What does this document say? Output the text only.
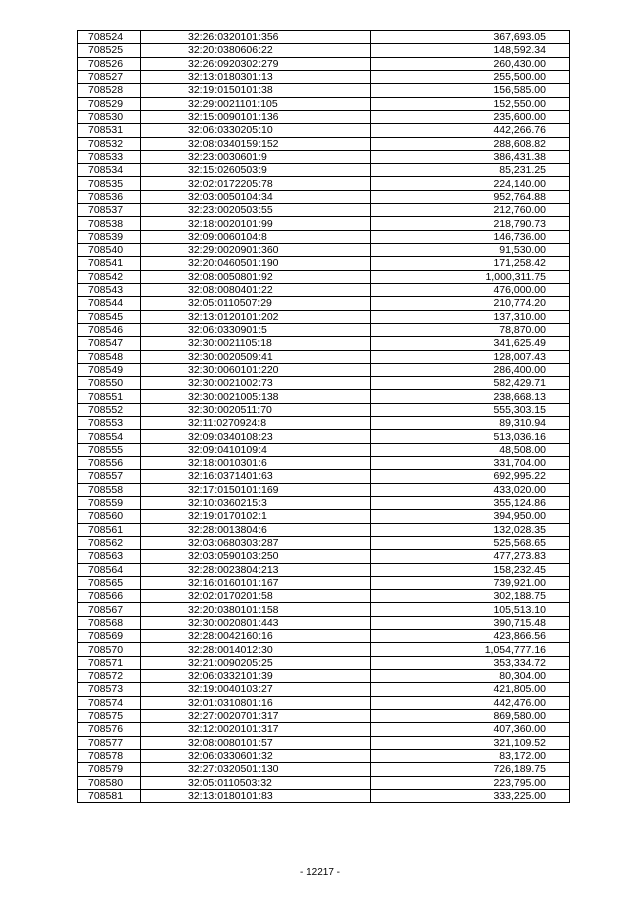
708524	32:26:0320101:356	367,693.05
708525	32:20:0380606:22	148,592.34
708526	32:26:0920302:279	260,430.00
708527	32:13:0180301:13	255,500.00
708528	32:19:0150101:38	156,585.00
708529	32:29:0021101:105	152,550.00
708530	32:15:0090101:136	235,600.00
708531	32:06:0330205:10	442,266.76
708532	32:08:0340159:152	288,608.82
708533	32:23:0030601:9	386,431.38
708534	32:15:0260503:9	85,231.25
708535	32:02:0172205:78	224,140.00
708536	32:03:0050104:34	952,764.88
708537	32:23:0020503:55	212,760.00
708538	32:18:0020101:99	218,790.73
708539	32:09:0060104:8	146,736.00
708540	32:29:0020901:360	91,530.00
708541	32:20:0460501:190	171,258.42
708542	32:08:0050801:92	1,000,311.75
708543	32:08:0080401:22	476,000.00
708544	32:05:0110507:29	210,774.20
708545	32:13:0120101:202	137,310.00
708546	32:06:0330901:5	78,870.00
708547	32:30:0021105:18	341,625.49
708548	32:30:0020509:41	128,007.43
708549	32:30:0060101:220	286,400.00
708550	32:30:0021002:73	582,429.71
708551	32:30:0021005:138	238,668.13
708552	32:30:0020511:70	555,303.15
708553	32:11:0270924:8	89,310.94
708554	32:09:0340108:23	513,036.16
708555	32:09:0410109:4	48,508.00
708556	32:18:0010301:6	331,704.00
708557	32:16:0371401:63	692,995.22
708558	32:17:0150101:169	433,020.00
708559	32:10:0360215:3	355,124.86
708560	32:19:0170102:1	394,950.00
708561	32:28:0013804:6	132,028.35
708562	32:03:0680303:287	525,568.65
708563	32:03:0590103:250	477,273.83
708564	32:28:0023804:213	158,232.45
708565	32:16:0160101:167	739,921.00
708566	32:02:0170201:58	302,188.75
708567	32:20:0380101:158	105,513.10
708568	32:30:0020801:443	390,715.48
708569	32:28:0042160:16	423,866.56
708570	32:28:0014012:30	1,054,777.16
708571	32:21:0090205:25	353,334.72
708572	32:06:0332101:39	80,304.00
708573	32:19:0040103:27	421,805.00
708574	32:01:0310801:16	442,476.00
708575	32:27:0020701:317	869,580.00
708576	32:12:0020101:317	407,360.00
708577	32:08:0080101:57	321,109.52
708578	32:06:0330601:32	83,172.00
708579	32:27:0320501:130	726,189.75
708580	32:05:0110503:32	223,795.00
708581	32:13:0180101:83	333,225.00
- 12217 -
